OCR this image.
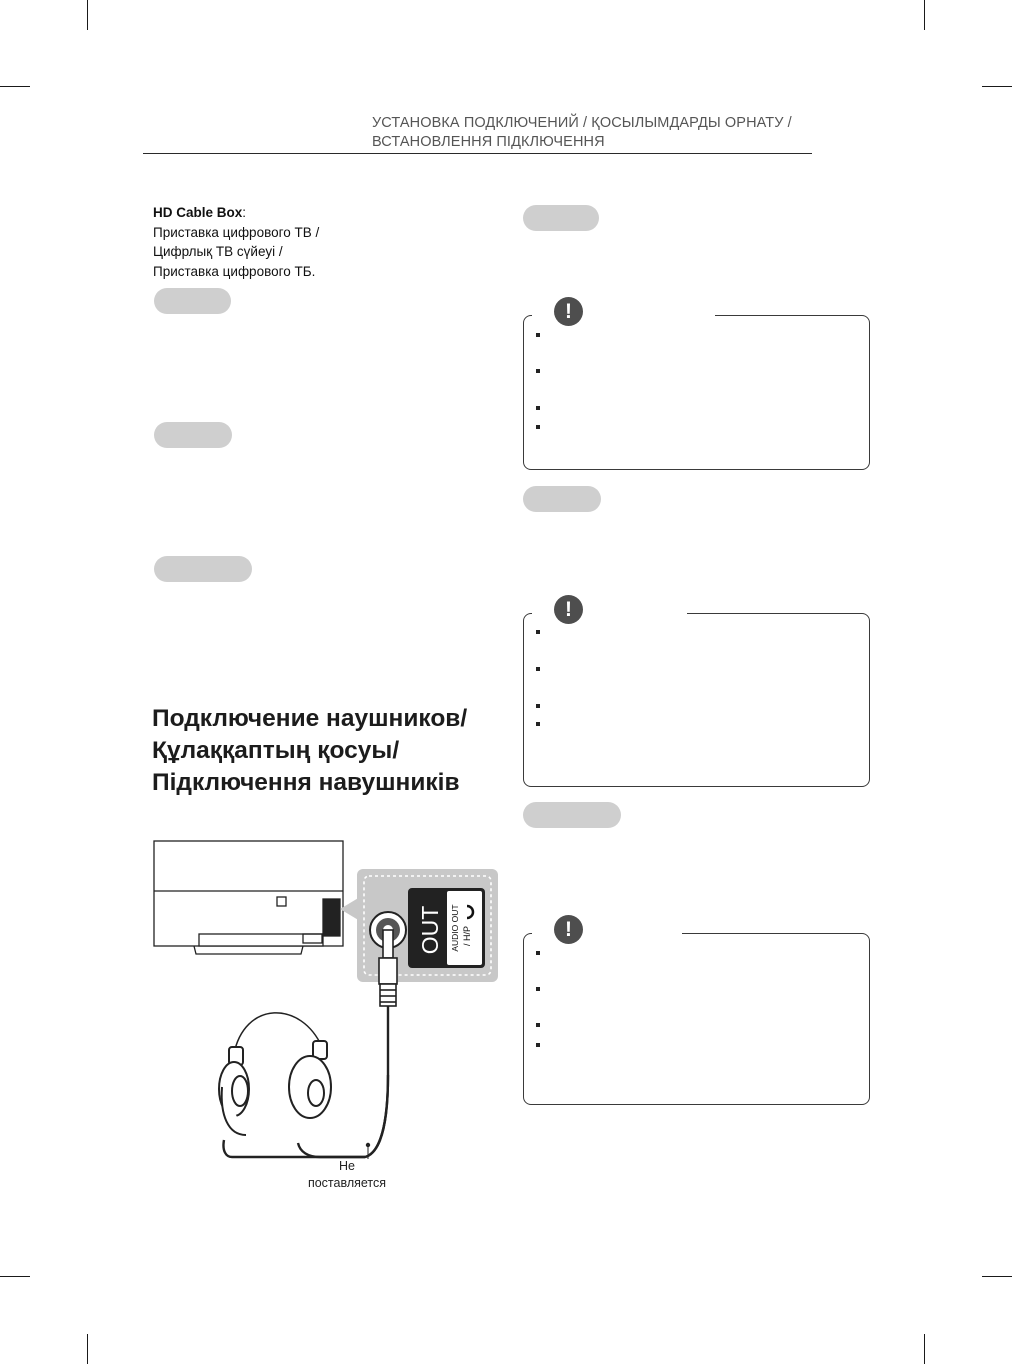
УСТАНОВКА ПОДКЛЮЧЕНИЙ / ҚОСЫЛЫМДАРДЫ ОРНАТУ /
ВСТАНОВЛЕННЯ ПІДКЛЮЧЕННЯ
HD Cable Box:
Приставка цифрового ТВ /
Цифрлық ТВ сүйеуі /
Приставка цифрового ТБ.
!
!
!
Подключение наушников/
Құлаққаптың қосуы/
Підключення навушників
OUT AUDIO OUT / H/P
Не поставляется
